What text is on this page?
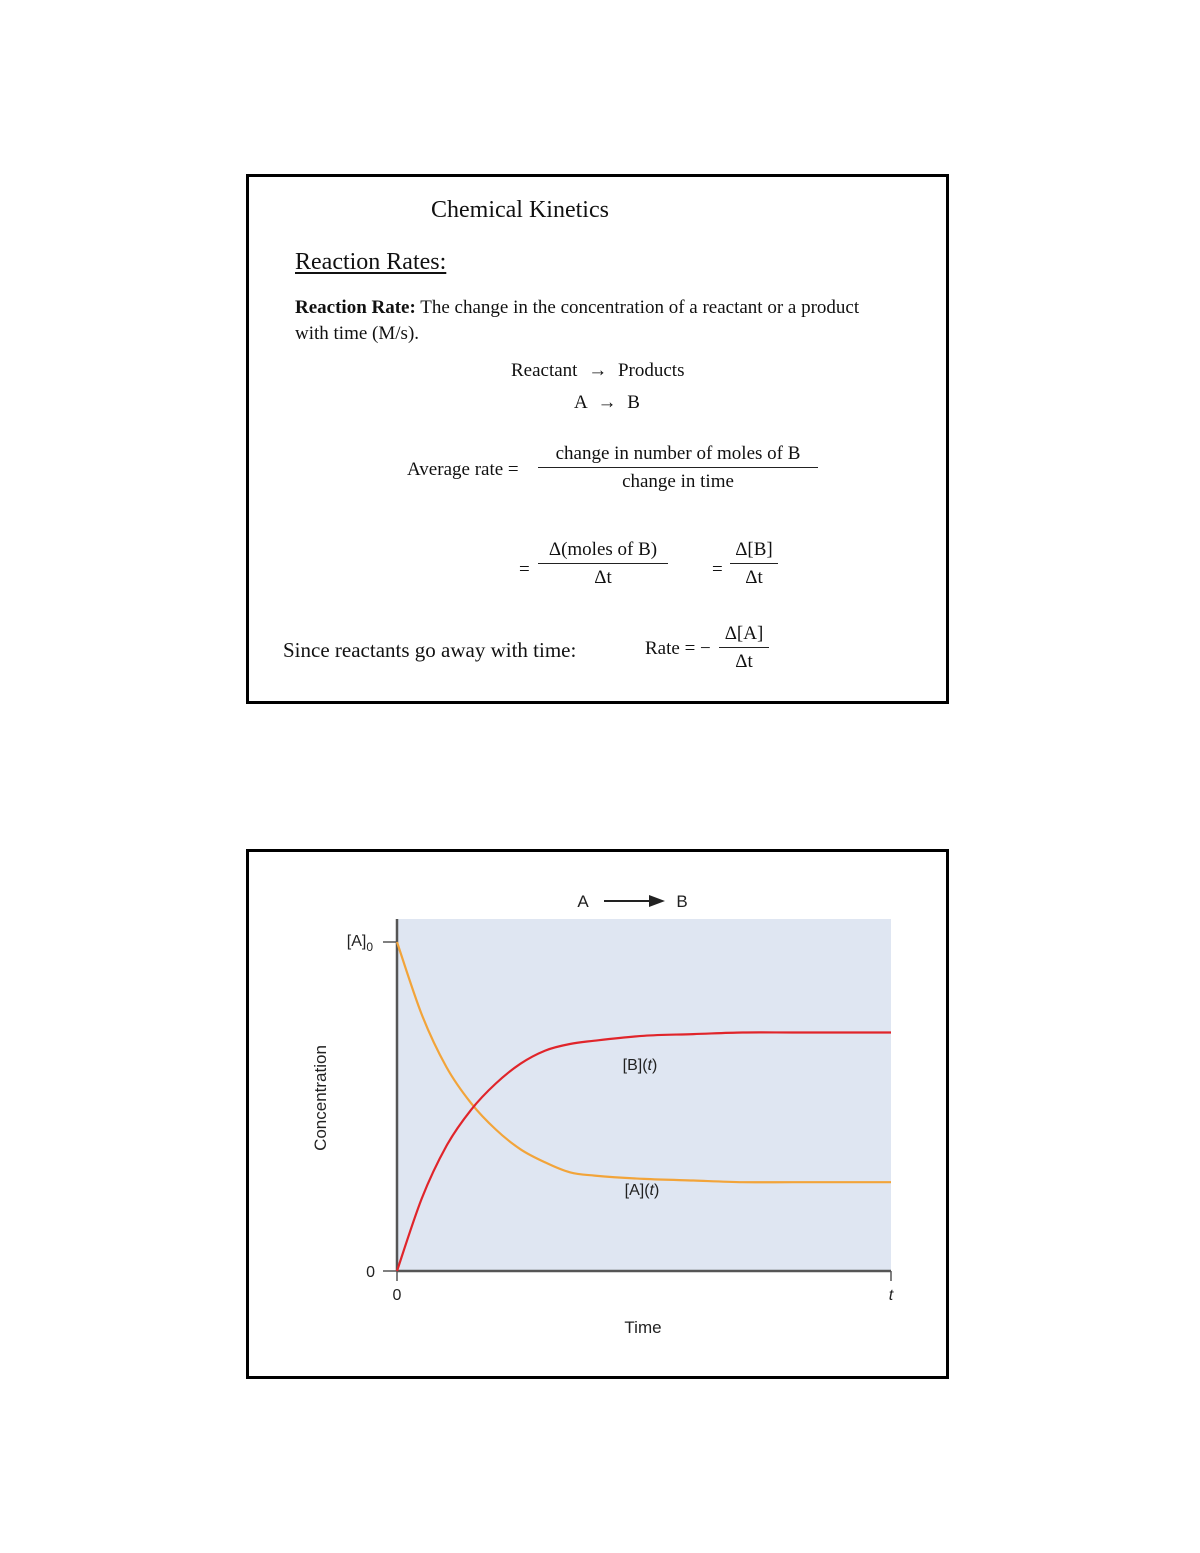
Chemical Kinetics
Reaction Rates:
Reaction Rate: The change in the concentration of a reactant or a product with time (M/s).
Reactant → Products
A → B
Average rate =
change in number of moles of B
change in time
=
Δ(moles of B)
Δt	= $\frac{\Delta[B]}{\Delta t}$
Since reactants go away with time:	Rate = − $\frac{\Delta[A]}{\Delta t}$
A	B
$[A]_0$
0
0	t
Time
Concentration	[B](t)
[A](t)
